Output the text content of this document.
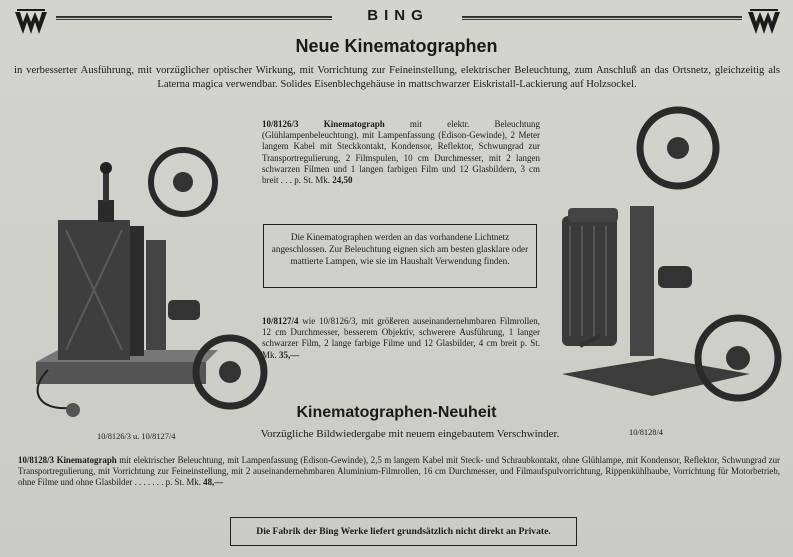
BING
Neue Kinematographen
in verbesserter Ausführung, mit vorzüglicher optischer Wirkung, mit Vorrichtung zur Feineinstellung, elektrischer Beleuchtung, zum Anschluß an das Ortsnetz, gleichzeitig als Laterna magica verwendbar. Solides Eisenblechgehäuse in mattschwarzer Eiskristall-Lackierung auf Holzsockel.
10/8126/3	Kinematograph	mit elektr. Beleuchtung (Glühlampenbeleuchtung), mit Lampenfassung (Edison-Gewinde), 2 Meter langem Kabel mit Steckkontakt, Kondensor, Reflektor, Schwungrad zur Transportregulierung, 2 Filmspulen, 10 cm Durchmesser, mit 2 langen schwarzen Filmen und 1 langen farbigen Film und 12 Glasbildern, 3 cm breit . . . p. St. Mk. 24,50
Die Kinematographen werden an das vorhandene Lichtnetz angeschlossen. Zur Beleuchtung eignen sich am besten glasklare oder mattierte Lampen, wie sie im Haushalt Verwendung finden.
10/8127/4 wie 10/8126/3, mit größeren auseinandernehmbaren Filmrollen, 12 cm Durchmesser, besserem Objektiv, schwerere Ausführung, 1 langer schwarzer Film, 2 lange farbige Filme und 12 Glasbilder, 4 cm breit p. St. Mk. 35,—
10/8126/3 u. 10/8127/4	10/8128/4
Kinematographen-Neuheit
Vorzügliche Bildwiedergabe mit neuem eingebautem Verschwinder.
10/8128/3 Kinematograph mit elektrischer Beleuchtung, mit Lampenfassung (Edison-Gewinde), 2,5 m langem Kabel mit Steck- und Schraubkontakt, ohne Glühlampe, mit Kondensor, Reflektor, Schwungrad zur Transportregulierung, mit Vorrichtung zur Feineinstellung, mit 2 auseinandernehmbaren Aluminium-Filmrollen, 16 cm Durchmesser, und Filmaufspulvorrichtung, Rippenkühlhaube, Vorrichtung für Motorbetrieb, ohne Filme und ohne Glasbilder . . . . . . . p. St. Mk. 48,—
Die Fabrik der Bing Werke liefert grundsätzlich nicht direkt an Private.
